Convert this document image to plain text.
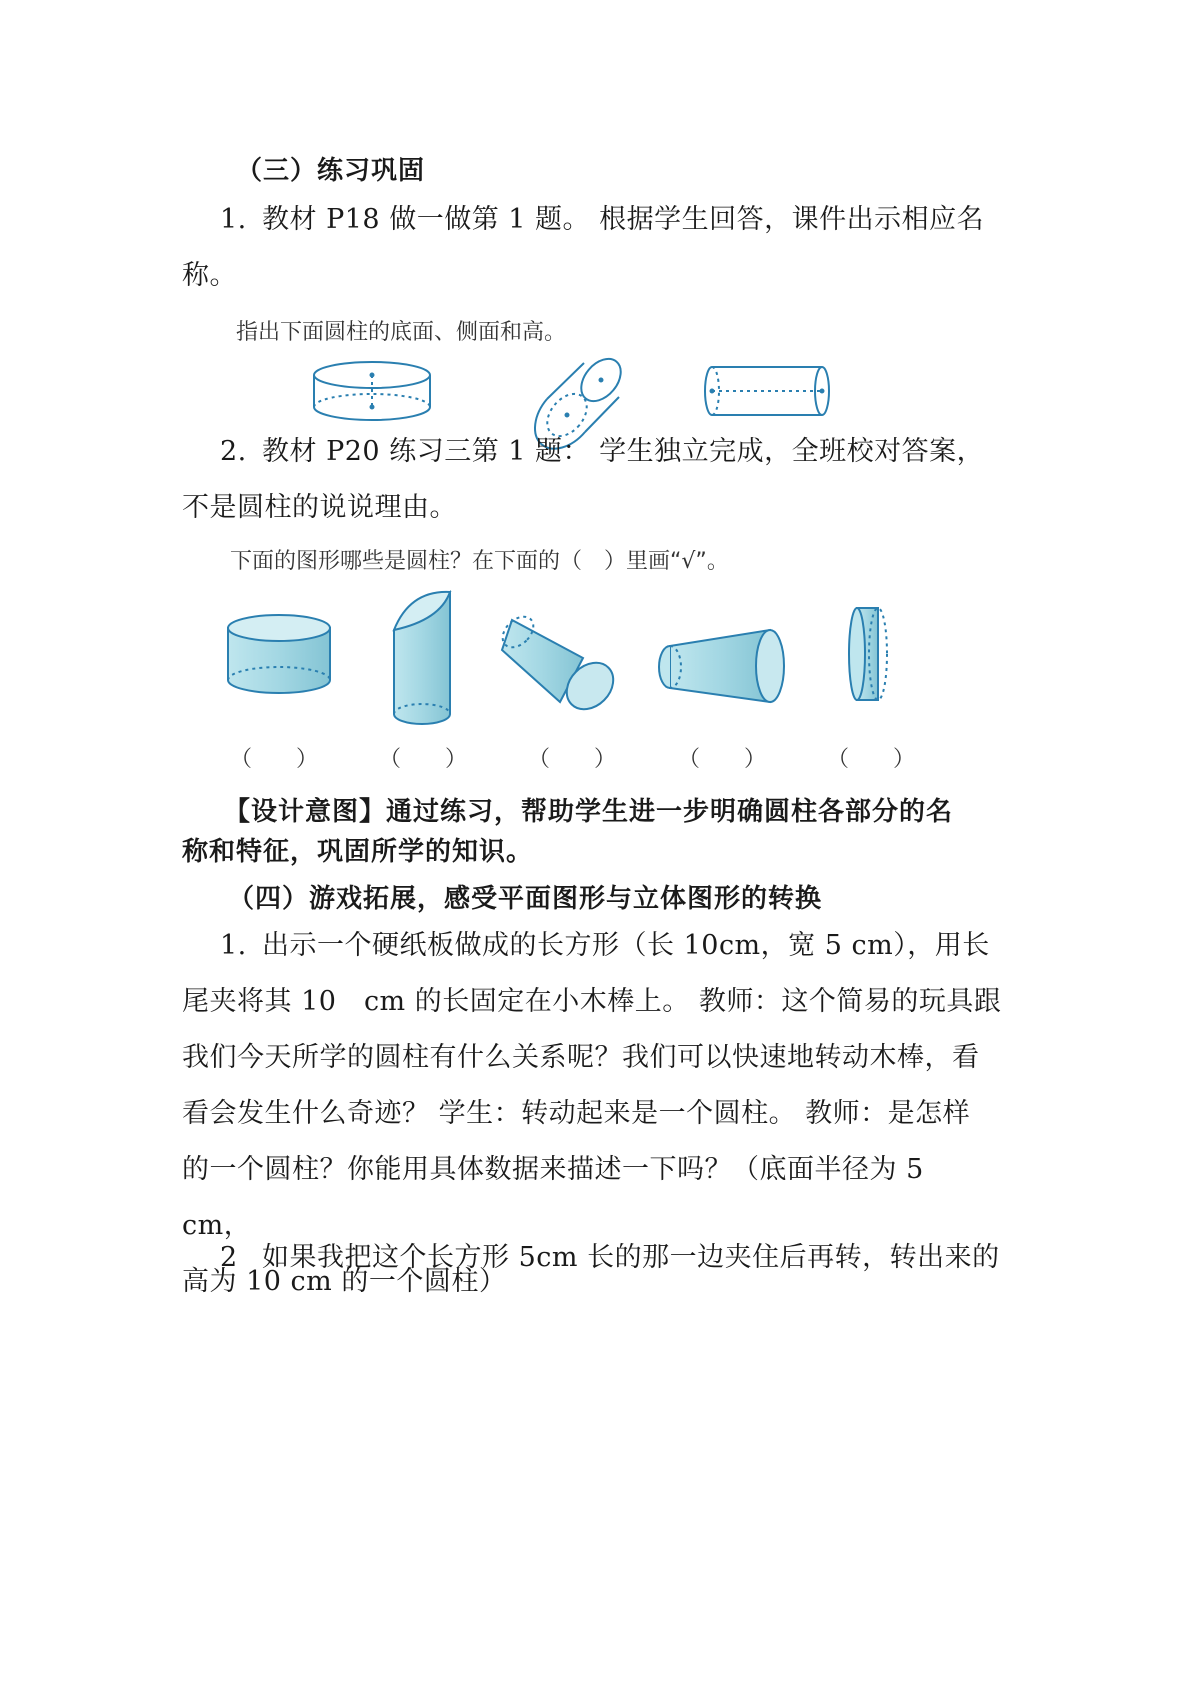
（三）练习巩固

1. 教材 P18 做一做第 1 题。 根据学生回答，课件出示相应名

称。

指出下面圆柱的底面、侧面和高。

2. 教材 P20 练习三第 1 题： 学生独立完成，全班校对答案，

不是圆柱的说说理由。

下面的图形哪些是圆柱？在下面的（　）里画“√”。
（　　）	（　　）	（　　）	（　　）	（　　）
【设计意图】通过练习，帮助学生进一步明确圆柱各部分的名
称和特征，巩固所学的知识。
（四）游戏拓展，感受平面图形与立体图形的转换

1. 出示一个硬纸板做成的长方形（长 10cm，宽 5 cm），用长

尾夹将其 10　cm 的长固定在小木棒上。 教师：这个简易的玩具跟

我们今天所学的圆柱有什么关系呢？我们可以快速地转动木棒，看

看会发生什么奇迹？ 学生：转动起来是一个圆柱。 教师：是怎样

的一个圆柱？你能用具体数据来描述一下吗？（底面半径为 5　cm，

高为 10 cm 的一个圆柱）

2 如果我把这个长方形 5cm 长的那一边夹住后再转，转出来的
